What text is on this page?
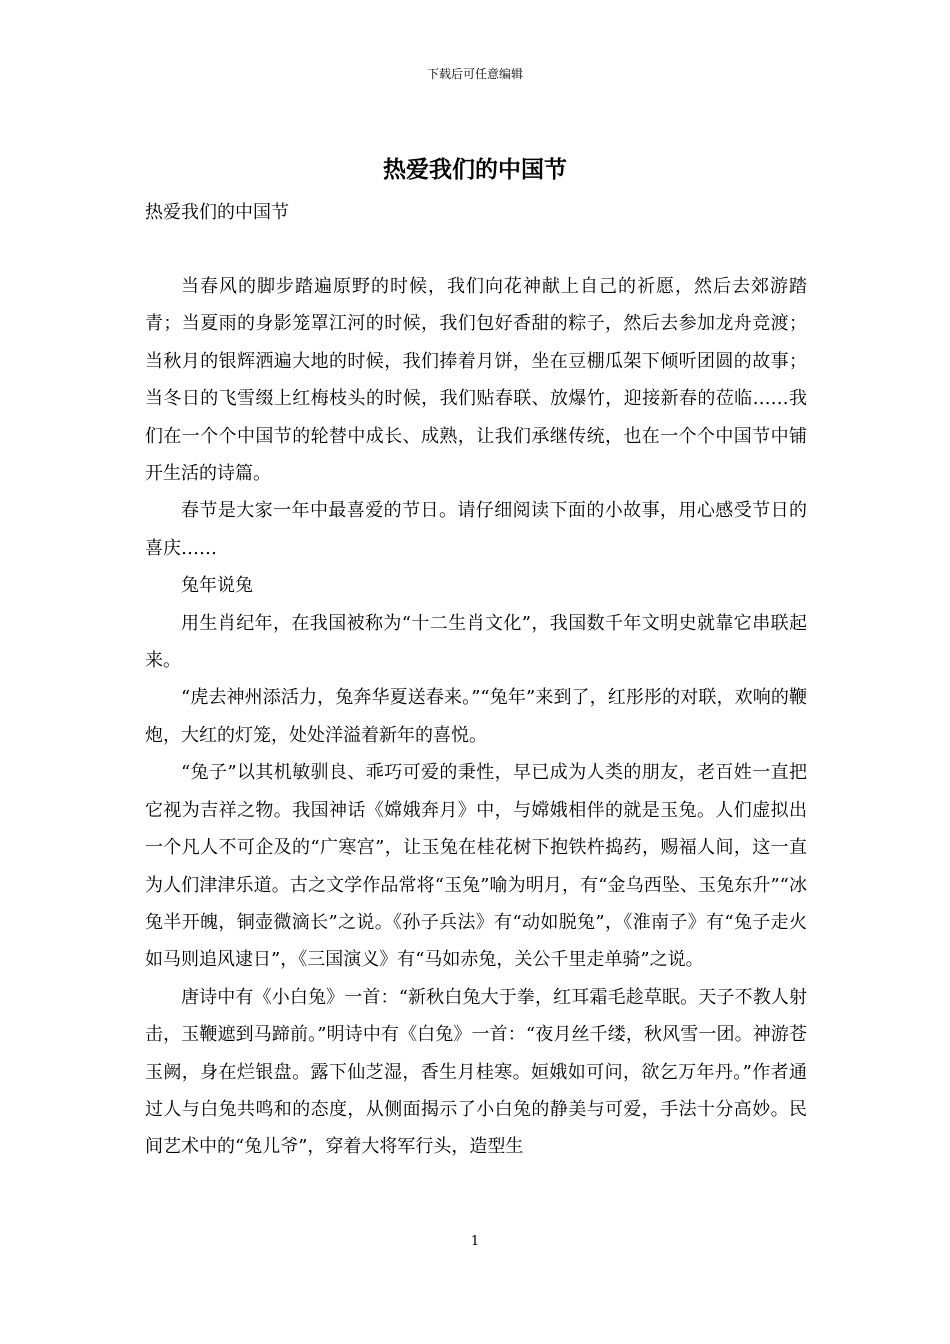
下载后可任意编辑
热爱我们的中国节
热爱我们的中国节

当春风的脚步踏遍原野的时候，我们向花神献上自己的祈愿，然后去郊游踏青；当夏雨的身影笼罩江河的时候，我们包好香甜的粽子，然后去参加龙舟竞渡；当秋月的银辉洒遍大地的时候，我们捧着月饼，坐在豆棚瓜架下倾听团圆的故事；当冬日的飞雪缀上红梅枝头的时候，我们贴春联、放爆竹，迎接新春的莅临……我们在一个个中国节的轮替中成长、成熟，让我们承继传统，也在一个个中国节中铺开生活的诗篇。

春节是大家一年中最喜爱的节日。请仔细阅读下面的小故事，用心感受节日的喜庆……

兔年说兔

用生肖纪年，在我国被称为“十二生肖文化”，我国数千年文明史就靠它串联起来。

“虎去神州添活力，兔奔华夏送春来。”“兔年”来到了，红彤彤的对联，欢响的鞭炮，大红的灯笼，处处洋溢着新年的喜悦。

“兔子”以其机敏驯良、乖巧可爱的秉性，早已成为人类的朋友，老百姓一直把它视为吉祥之物。我国神话《嫦娥奔月》中，与嫦娥相伴的就是玉兔。人们虚拟出一个凡人不可企及的“广寒宫”，让玉兔在桂花树下抱铁杵捣药，赐福人间，这一直为人们津津乐道。古之文学作品常将“玉兔”喻为明月，有“金乌西坠、玉兔东升”“冰兔半开魄，铜壶微滴长”之说。《孙子兵法》有“动如脱兔”，《淮南子》有“兔子走火如马则追风逮日”，《三国演义》有“马如赤兔，关公千里走单骑”之说。

唐诗中有《小白兔》一首：“新秋白兔大于拳，红耳霜毛趁草眠。天子不教人射击，玉鞭遮到马蹄前。”明诗中有《白兔》一首：“夜月丝千缕，秋风雪一团。神游苍玉阙，身在烂银盘。露下仙芝湿，香生月桂寒。姮娥如可问，欲乞万年丹。”作者通过人与白兔共鸣和的态度，从侧面揭示了小白兔的静美与可爱，手法十分高妙。民间艺术中的“兔儿爷”，穿着大将军行头，造型生

1
